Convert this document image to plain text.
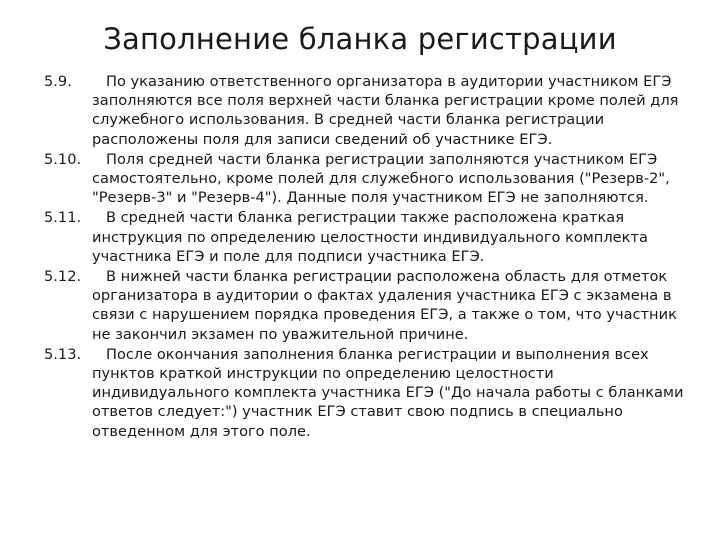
Заполнение бланка регистрации
5.9.	По указанию ответственного организатора в аудитории участником ЕГЭ заполняются все поля верхней части бланка регистрации кроме полей для служебного использования. В средней части бланка регистрации расположены поля для записи сведений об участнике ЕГЭ.
5.10.	Поля средней части бланка регистрации заполняются участником ЕГЭ самостоятельно, кроме полей для служебного использования ("Резерв-2", "Резерв-3" и "Резерв-4"). Данные поля участником ЕГЭ не заполняются.
5.11.	В средней части бланка регистрации также расположена краткая инструкция по определению целостности индивидуального комплекта участника ЕГЭ и поле для подписи участника ЕГЭ.
5.12.	В нижней части бланка регистрации расположена область для отметок организатора в аудитории о фактах удаления участника ЕГЭ с экзамена в связи с нарушением порядка проведения ЕГЭ, а также о том, что участник не закончил экзамен по уважительной причине.
5.13.	После окончания заполнения бланка регистрации и выполнения всех пунктов краткой инструкции по определению целостности индивидуального комплекта участника ЕГЭ ("До начала работы с бланками ответов следует:") участник ЕГЭ ставит свою подпись в специально отведенном для этого поле.
